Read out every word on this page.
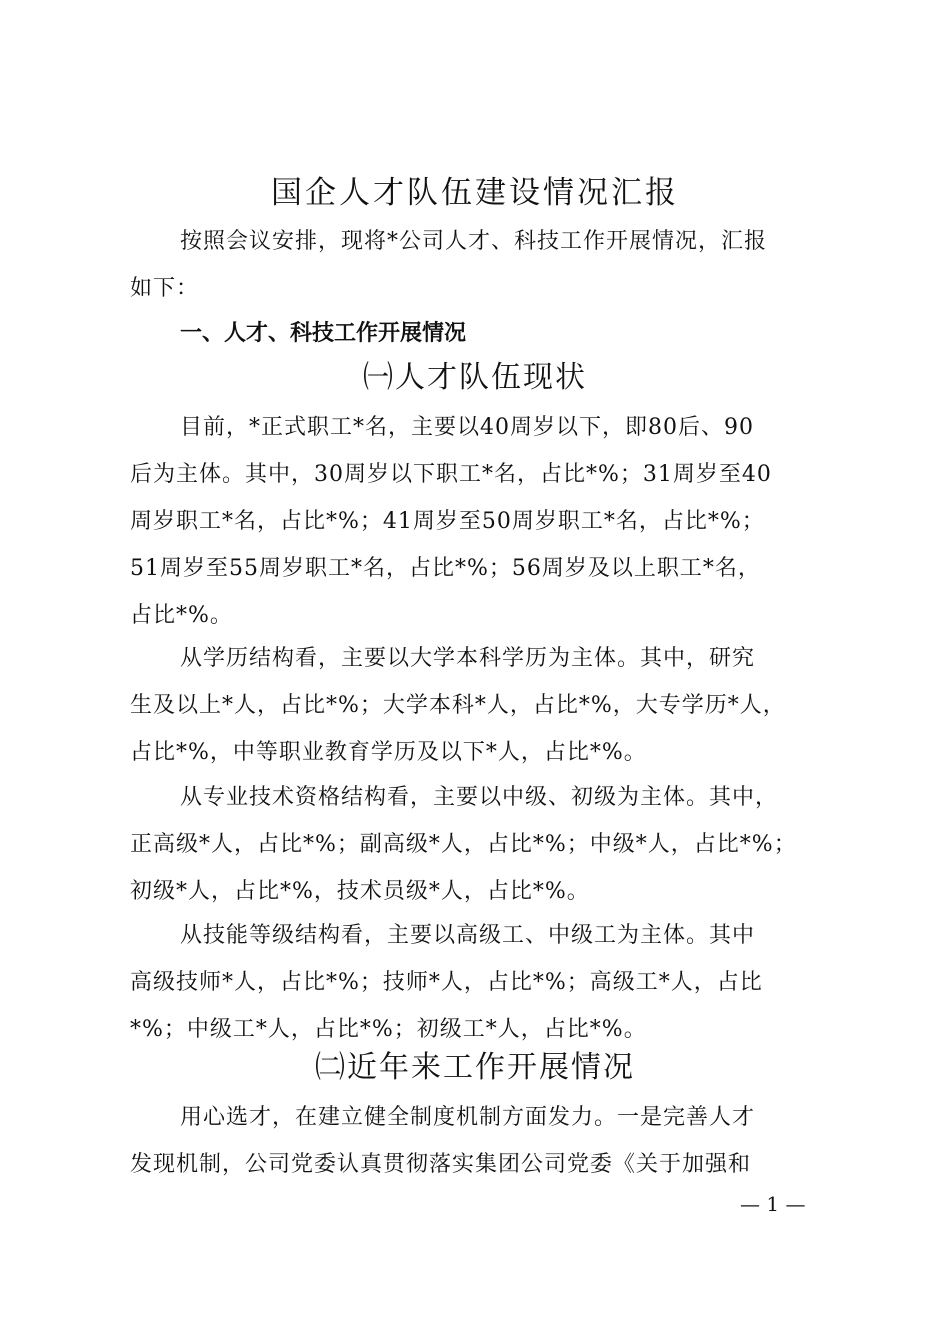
国企人才队伍建设情况汇报
按照会议安排，现将*公司人才、科技工作开展情况，汇报
如下：
一、人才、科技工作开展情况
㈠人才队伍现状
目前，*正式职工*名，主要以40周岁以下，即80后、90
后为主体。其中，30周岁以下职工*名，占比*%；31周岁至40
周岁职工*名，占比*%；41周岁至50周岁职工*名，占比*%；
51周岁至55周岁职工*名，占比*%；56周岁及以上职工*名，
占比*%。
从学历结构看，主要以大学本科学历为主体。其中，研究
生及以上*人，占比*%；大学本科*人，占比*%，大专学历*人，
占比*%，中等职业教育学历及以下*人，占比*%。
从专业技术资格结构看，主要以中级、初级为主体。其中，
正高级*人，占比*%；副高级*人，占比*%；中级*人，占比*%；
初级*人，占比*%，技术员级*人，占比*%。
从技能等级结构看，主要以高级工、中级工为主体。其中
高级技师*人，占比*%；技师*人，占比*%；高级工*人，占比
*%；中级工*人，占比*%；初级工*人，占比*%。
㈡近年来工作开展情况
用心选才，在建立健全制度机制方面发力。一是完善人才
发现机制，公司党委认真贯彻落实集团公司党委《关于加强和
— 1 —
